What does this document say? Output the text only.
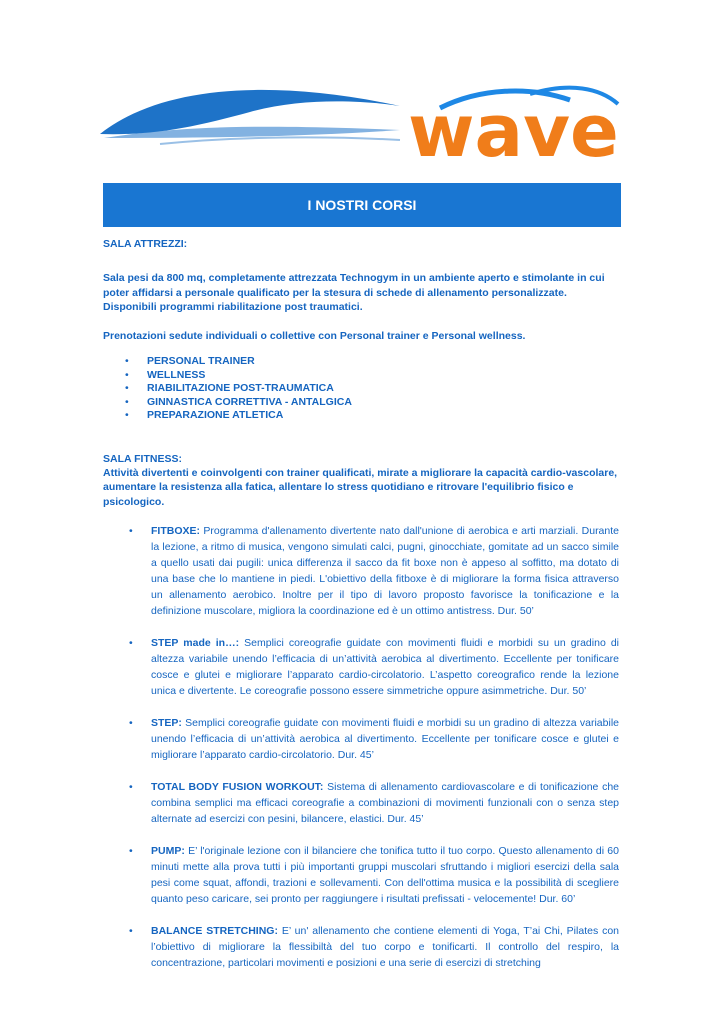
wave
I NOSTRI CORSI

SALA ATTREZZI:

Sala pesi da 800 mq, completamente attrezzata Technogym in un ambiente aperto e stimolante in cui poter affidarsi a personale qualificato per la stesura di schede di allenamento personalizzate. Disponibili programmi riabilitazione post traumatici.

Prenotazioni sedute individuali o collettive con Personal trainer e Personal wellness.

• PERSONAL TRAINER
• WELLNESS
• RIABILITAZIONE POST-TRAUMATICA
• GINNASTICA CORRETTIVA - ANTALGICA
• PREPARAZIONE ATLETICA

SALA FITNESS:

Attività divertenti e coinvolgenti con trainer qualificati, mirate a migliorare la capacità cardio-vascolare, aumentare la resistenza alla fatica, allentare lo stress quotidiano e ritrovare l'equilibrio fisico e psicologico.

• FITBOXE: Programma d'allenamento divertente nato dall'unione di aerobica e arti marziali. Durante la lezione, a ritmo di musica, vengono simulati calci, pugni, ginocchiate, gomitate ad un sacco simile a quello usati dai pugili: unica differenza il sacco da fit boxe non è appeso al soffitto, ma dotato di una base che lo mantiene in piedi. L'obiettivo della fitboxe è di migliorare la forma fisica attraverso un allenamento aerobico. Inoltre per il tipo di lavoro proposto favorisce la tonificazione e la definizione muscolare, migliora la coordinazione ed è un ottimo antistress. Dur. 50’
• STEP made in…: Semplici coreografie guidate con movimenti fluidi e morbidi su un gradino di altezza variabile unendo l’efficacia di un’attività aerobica al divertimento. Eccellente per tonificare cosce e glutei e migliorare l’apparato cardio-circolatorio. L’aspetto coreografico rende la lezione unica e divertente. Le coreografie possono essere simmetriche oppure asimmetriche. Dur. 50’
• STEP: Semplici coreografie guidate con movimenti fluidi e morbidi su un gradino di altezza variabile unendo l’efficacia di un’attività aerobica al divertimento. Eccellente per tonificare cosce e glutei e migliorare l’apparato cardio-circolatorio. Dur. 45’
• TOTAL BODY FUSION WORKOUT: Sistema di allenamento cardiovascolare e di tonificazione che combina semplici ma efficaci coreografie a combinazioni di movimenti funzionali con o senza step alternate ad esercizi con pesini, bilancere, elastici. Dur. 45’
• PUMP: E’ l'originale lezione con il bilanciere che tonifica tutto il tuo corpo. Questo allenamento di 60 minuti mette alla prova tutti i più importanti gruppi muscolari sfruttando i migliori esercizi della sala pesi come squat, affondi, trazioni e sollevamenti. Con dell'ottima musica e la possibilità di scegliere quanto peso caricare, sei pronto per raggiungere i risultati prefissati - velocemente! Dur. 60’
• BALANCE STRETCHING: E’ un' allenamento che contiene elementi di Yoga, T’ai Chi, Pilates con l’obiettivo di migliorare la flessibiltà del tuo corpo e tonificarti. Il controllo del respiro, la concentrazione, particolari movimenti e posizioni e una serie di esercizi di stretching
